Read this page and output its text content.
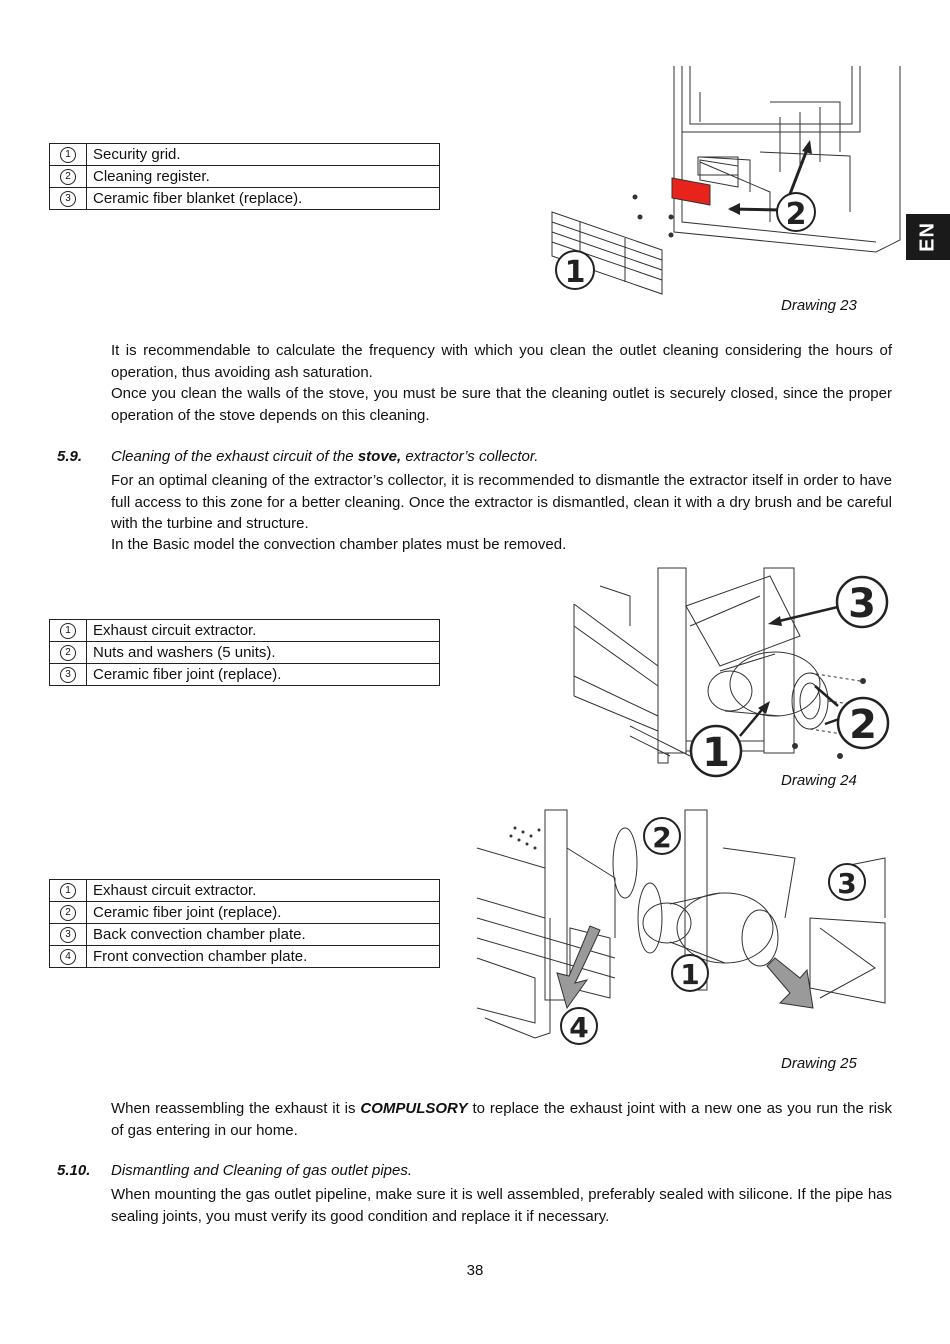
EN
1	Security grid.
2	Cleaning register.
3	Ceramic fiber blanket (replace).	2
1
Drawing 23

It is recommendable to calculate the frequency with which you clean the outlet cleaning considering the hours of operation, thus avoiding ash saturation.

Once you clean the walls of the stove, you must be sure that the cleaning outlet is securely closed, since the proper operation of the stove depends on this cleaning.

5.9. Cleaning of the exhaust circuit of the stove, extractor’s collector.

For an optimal cleaning of the extractor’s collector, it is recommended to dismantle the extractor itself in order to have full access to this zone for a better cleaning. Once the extractor is dismantled, clean it with a dry brush and be careful with the turbine and structure.

In the Basic model the convection chamber plates must be removed.

1	Exhaust circuit extractor.
2	Nuts and washers (5 units).
3	Ceramic fiber joint (replace).
3
2
1
Drawing 24
1	Exhaust circuit extractor.
2	Ceramic fiber joint (replace).
3	Back convection chamber plate.
4	Front convection chamber plate.
2
3
1
4
Drawing 25

When reassembling the exhaust it is COMPULSORY to replace the exhaust joint with a new one as you run the risk of gas entering in our home.

5.10. Dismantling and Cleaning of gas outlet pipes.

When mounting the gas outlet pipeline, make sure it is well assembled, preferably sealed with silicone. If the pipe has sealing joints, you must verify its good condition and replace it if necessary.

38
